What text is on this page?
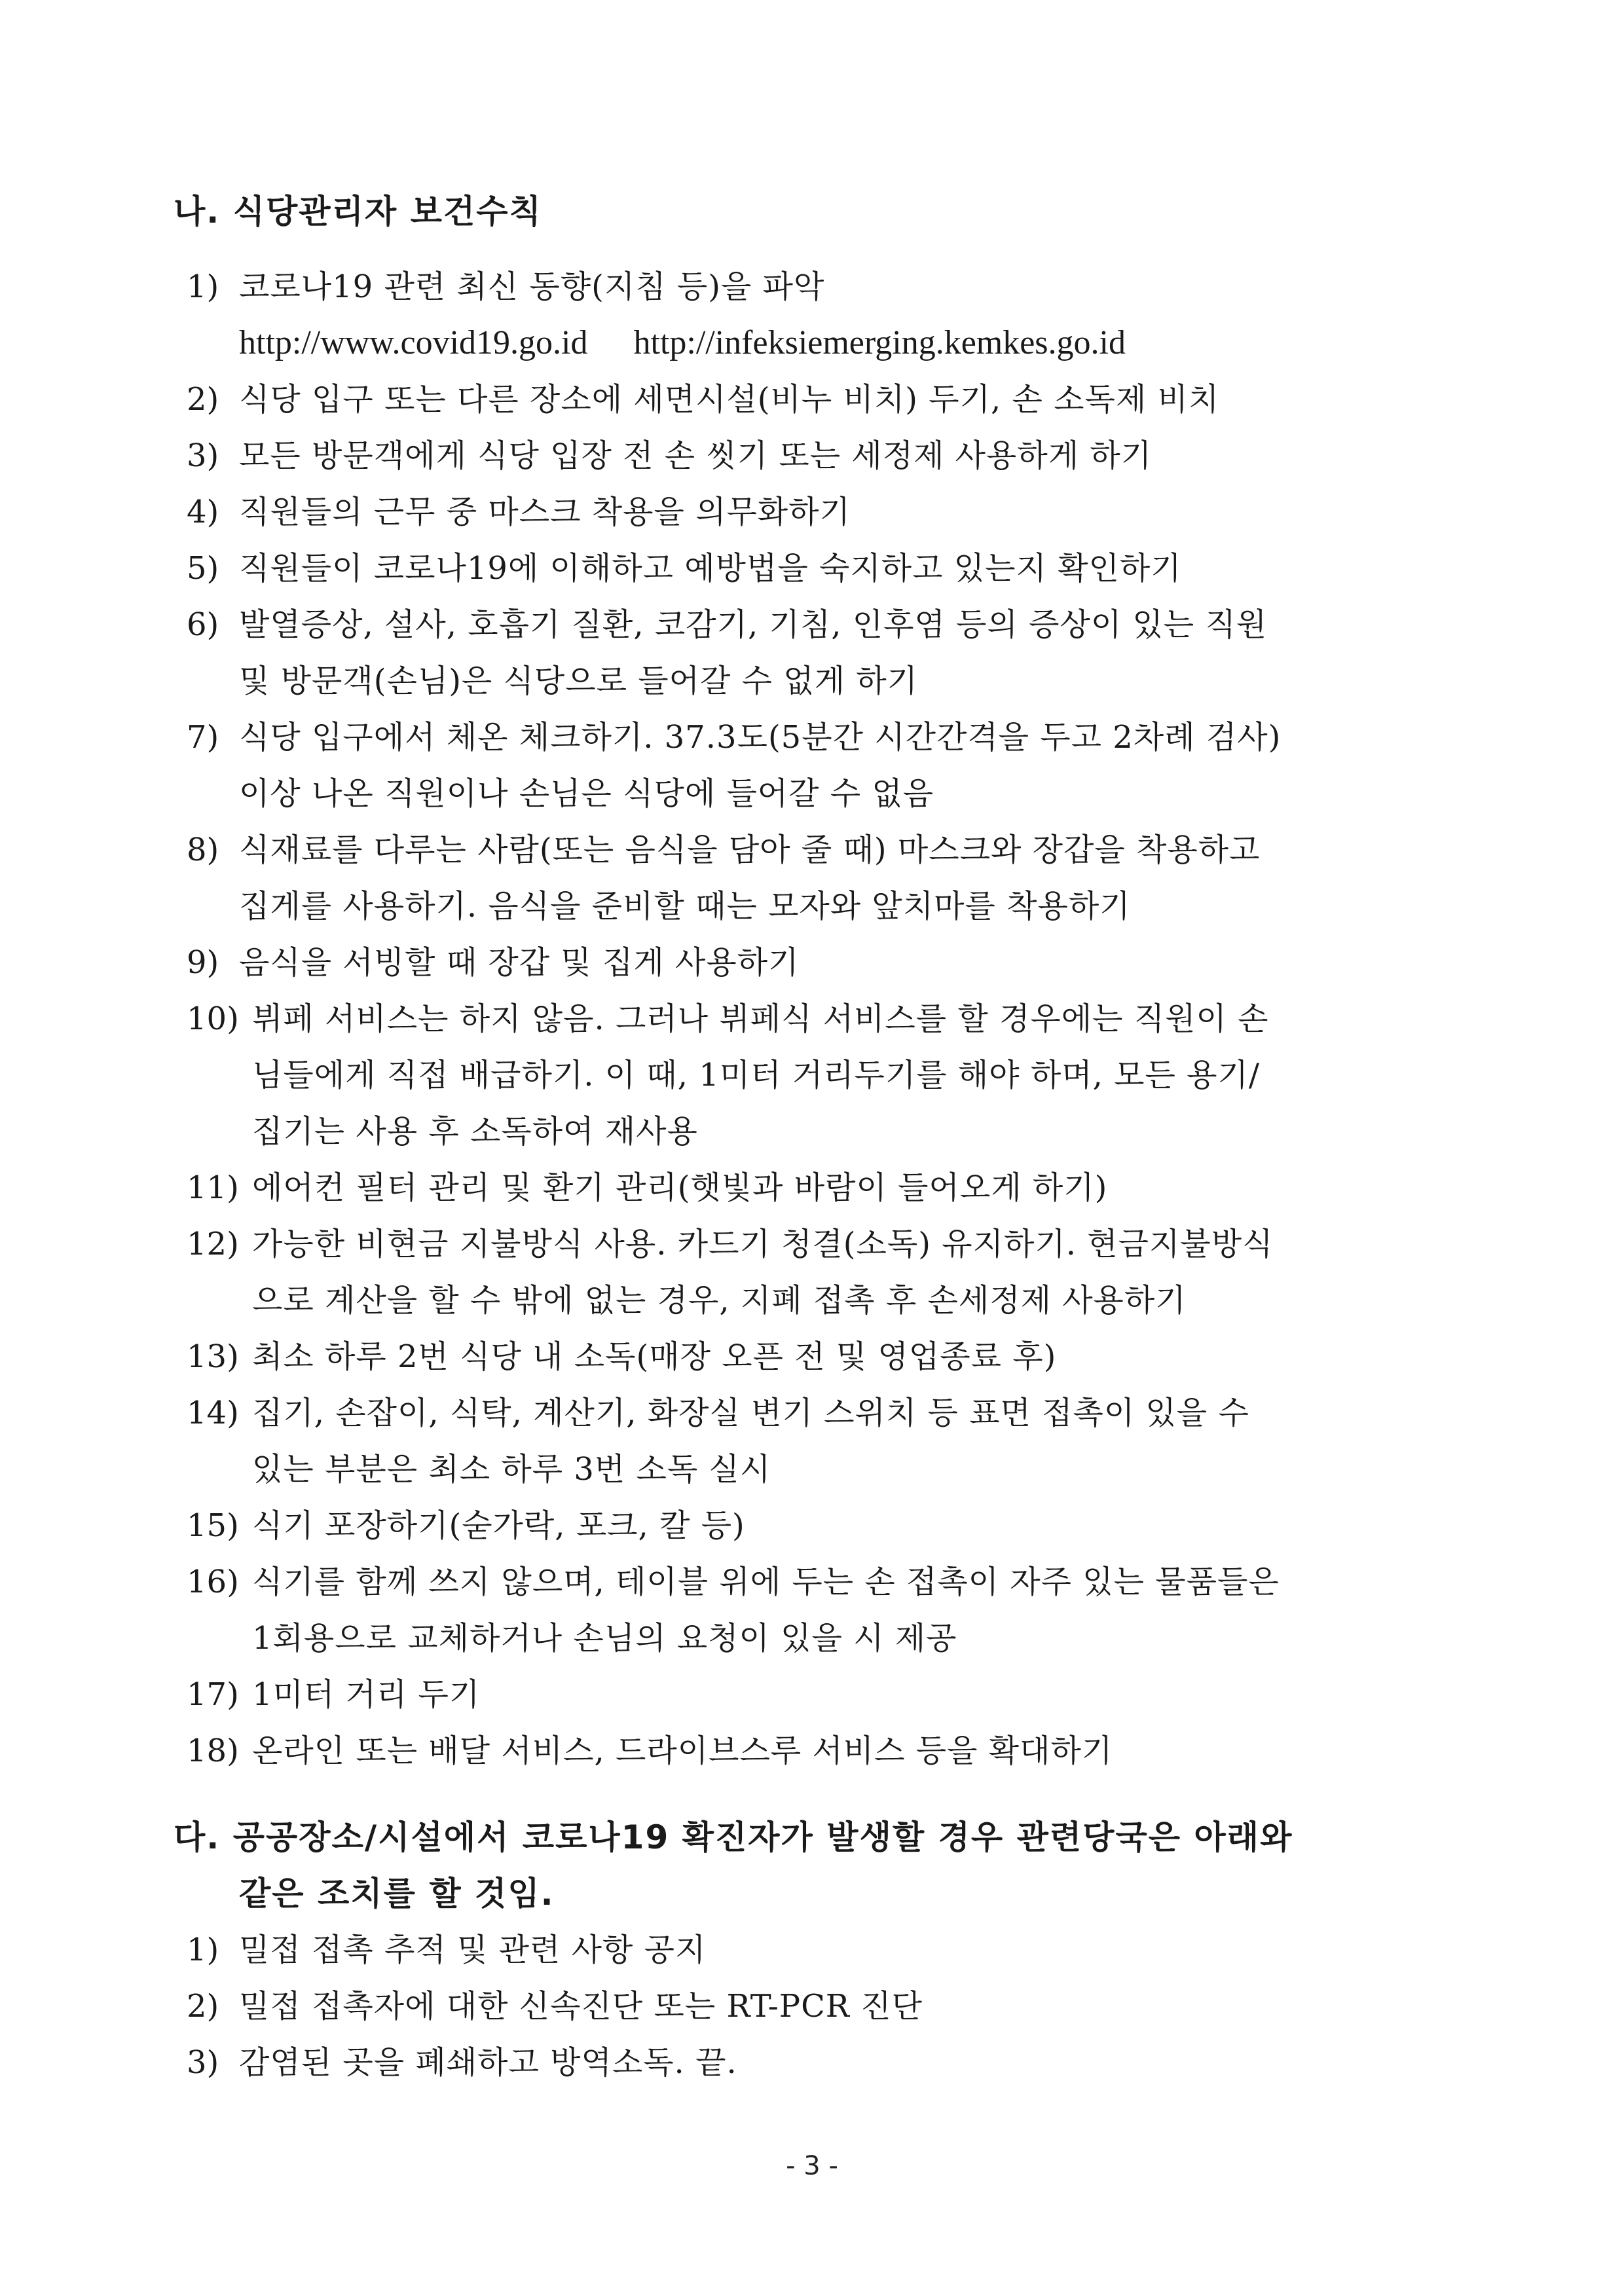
나. 식당관리자 보건수칙
1) 코로나19 관련 최신 동향(지침 등)을 파악
http://www.covid19.go.id http://infeksiemerging.kemkes.go.id
2) 식당 입구 또는 다른 장소에 세면시설(비누 비치) 두기, 손 소독제 비치
3) 모든 방문객에게 식당 입장 전 손 씻기 또는 세정제 사용하게 하기
4) 직원들의 근무 중 마스크 착용을 의무화하기
5) 직원들이 코로나19에 이해하고 예방법을 숙지하고 있는지 확인하기
6) 발열증상, 설사, 호흡기 질환, 코감기, 기침, 인후염 등의 증상이 있는 직원
및 방문객(손님)은 식당으로 들어갈 수 없게 하기
7) 식당 입구에서 체온 체크하기. 37.3도(5분간 시간간격을 두고 2차례 검사)
이상 나온 직원이나 손님은 식당에 들어갈 수 없음
8) 식재료를 다루는 사람(또는 음식을 담아 줄 때) 마스크와 장갑을 착용하고
집게를 사용하기. 음식을 준비할 때는 모자와 앞치마를 착용하기
9) 음식을 서빙할 때 장갑 및 집게 사용하기
10) 뷔페 서비스는 하지 않음. 그러나 뷔페식 서비스를 할 경우에는 직원이 손
님들에게 직접 배급하기. 이 때, 1미터 거리두기를 해야 하며, 모든 용기/
집기는 사용 후 소독하여 재사용
11) 에어컨 필터 관리 및 환기 관리(햇빛과 바람이 들어오게 하기)
12) 가능한 비현금 지불방식 사용. 카드기 청결(소독) 유지하기. 현금지불방식
으로 계산을 할 수 밖에 없는 경우, 지폐 접촉 후 손세정제 사용하기
13) 최소 하루 2번 식당 내 소독(매장 오픈 전 및 영업종료 후)
14) 집기, 손잡이, 식탁, 계산기, 화장실 변기 스위치 등 표면 접촉이 있을 수
있는 부분은 최소 하루 3번 소독 실시
15) 식기 포장하기(숟가락, 포크, 칼 등)
16) 식기를 함께 쓰지 않으며, 테이블 위에 두는 손 접촉이 자주 있는 물품들은
1회용으로 교체하거나 손님의 요청이 있을 시 제공
17) 1미터 거리 두기
18) 온라인 또는 배달 서비스, 드라이브스루 서비스 등을 확대하기
다. 공공장소/시설에서 코로나19 확진자가 발생할 경우 관련당국은 아래와
같은 조치를 할 것임.
1) 밀접 접촉 추적 및 관련 사항 공지
2) 밀접 접촉자에 대한 신속진단 또는 RT-PCR 진단
3) 감염된 곳을 폐쇄하고 방역소독. 끝.
- 3 -
